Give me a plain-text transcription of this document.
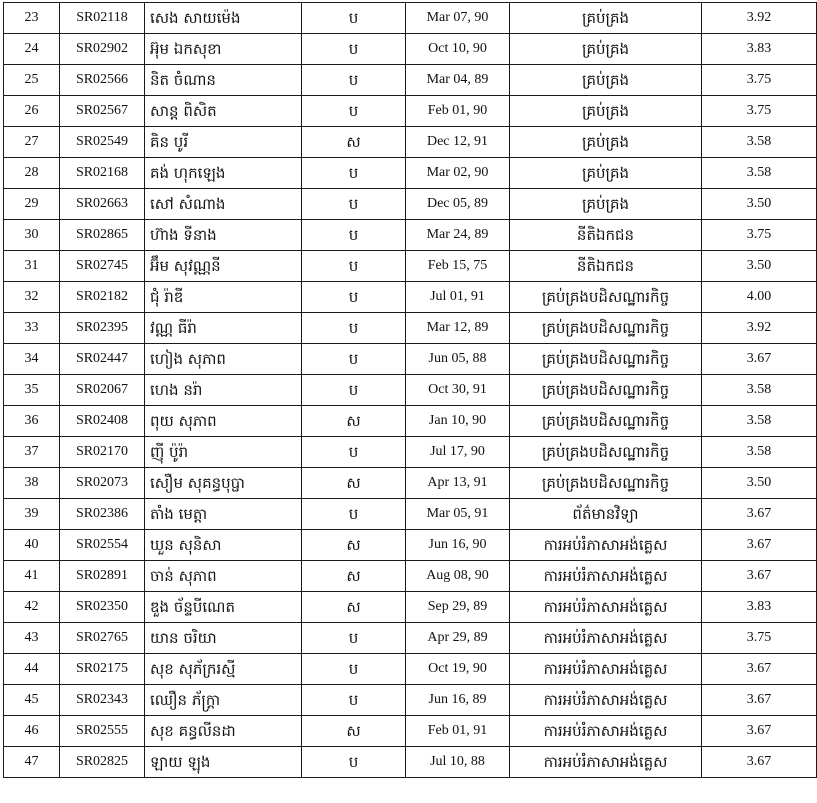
23	SR02118	សេង សាយម៉េង	ប	Mar 07, 90	គ្រប់គ្រង	3.92
24	SR02902	អ៊ុម ឯកសុខា	ប	Oct 10, 90	គ្រប់គ្រង	3.83
25	SR02566	និត ចំណាន	ប	Mar 04, 89	គ្រប់គ្រង	3.75
26	SR02567	សាន្ត ពិសិត	ប	Feb 01, 90	គ្រប់គ្រង	3.75
27	SR02549	គិន បូរី	ស	Dec 12, 91	គ្រប់គ្រង	3.58
28	SR02168	គង់ ហុកឡេង	ប	Mar 02, 90	គ្រប់គ្រង	3.58
29	SR02663	សៅ សំណាង	ប	Dec 05, 89	គ្រប់គ្រង	3.50
30	SR02865	ហ៊ាង ទីនាង	ប	Mar 24, 89	នីតិឯកជន	3.75
31	SR02745	អ៊ឹម សុវណ្ណនី	ប	Feb 15, 75	នីតិឯកជន	3.50
32	SR02182	ជុំ រ៉ាឌី	ប	Jul 01, 91	គ្រប់គ្រងបដិសណ្ឋារកិច្ច	4.00
33	SR02395	វណ្ណ ធីរ៉ា	ប	Mar 12, 89	គ្រប់គ្រងបដិសណ្ឋារកិច្ច	3.92
34	SR02447	ហៀង សុភាព	ប	Jun 05, 88	គ្រប់គ្រងបដិសណ្ឋារកិច្ច	3.67
35	SR02067	ហេង នរ៉ា	ប	Oct 30, 91	គ្រប់គ្រងបដិសណ្ឋារកិច្ច	3.58
36	SR02408	ពុយ សុភាព	ស	Jan 10, 90	គ្រប់គ្រងបដិសណ្ឋារកិច្ច	3.58
37	SR02170	ញ៉ី ប៉ូរ៉ា	ប	Jul 17, 90	គ្រប់គ្រងបដិសណ្ឋារកិច្ច	3.58
38	SR02073	សឿម សុគន្ធបុប្ផា	ស	Apr 13, 91	គ្រប់គ្រងបដិសណ្ឋារកិច្ច	3.50
39	SR02386	តាំង មេត្តា	ប	Mar 05, 91	ព័ត៌មានវិទ្យា	3.67
40	SR02554	ឃួន សុនិសា	ស	Jun 16, 90	ការអប់រំភាសាអង់គ្លេស	3.67
41	SR02891	ចាន់ សុភាព	ស	Aug 08, 90	ការអប់រំភាសាអង់គ្លេស	3.67
42	SR02350	ឌួង ច័ន្ទបីណេត	ស	Sep 29, 89	ការអប់រំភាសាអង់គ្លេស	3.83
43	SR02765	យាន ចរិយា	ប	Apr 29, 89	ការអប់រំភាសាអង់គ្លេស	3.75
44	SR02175	សុខ សុភ័ក្ររស្មី	ប	Oct 19, 90	ការអប់រំភាសាអង់គ្លេស	3.67
45	SR02343	ឈឿន ភ័ក្ត្រា	ប	Jun 16, 89	ការអប់រំភាសាអង់គ្លេស	3.67
46	SR02555	សុខ គន្ធលីនដា	ស	Feb 01, 91	ការអប់រំភាសាអង់គ្លេស	3.67
47	SR02825	ឡាយ ឡុង	ប	Jul 10, 88	ការអប់រំភាសាអង់គ្លេស	3.67
